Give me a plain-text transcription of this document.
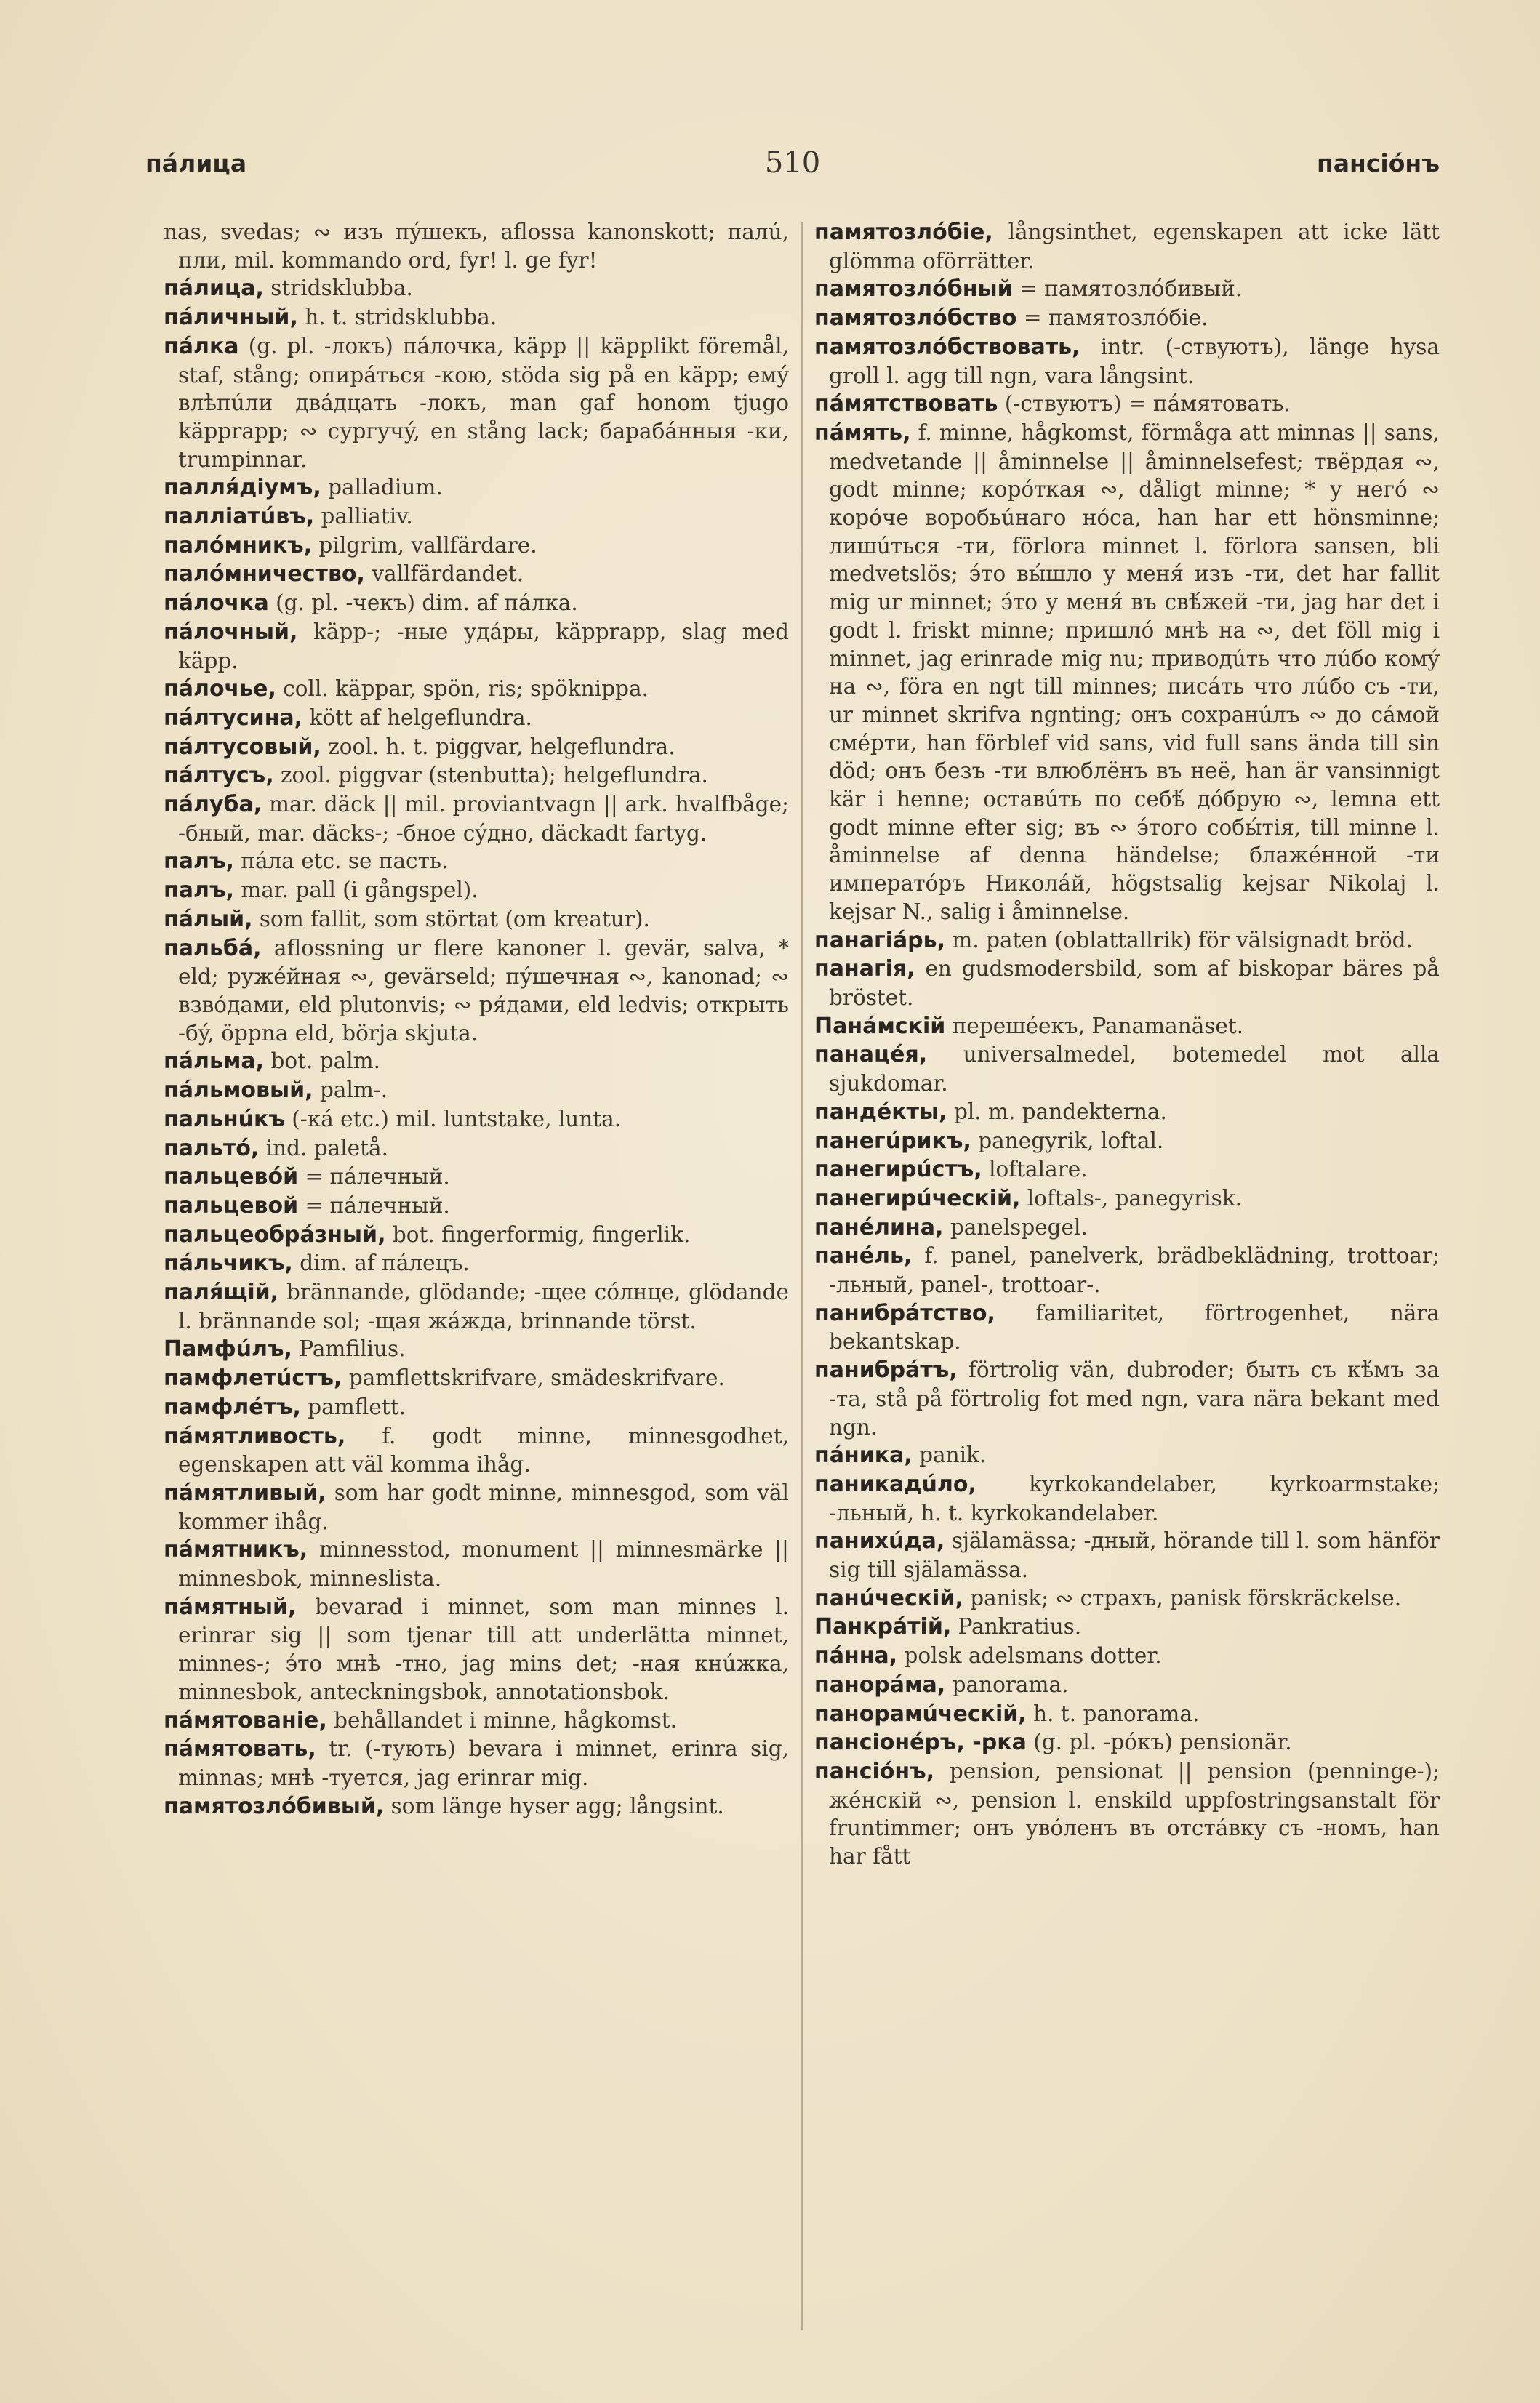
пáлица	510	пансіóнъ

nas, svedas; ∾ изъ пýшекъ, aflossa kanonskott; палú, пли, mil. kommando ord, fyr! l. ge fyr!

пáлица, stridsklubba.

пáличный, h. t. stridsklubba.

пáлка (g. pl. -локъ) пáлочка, käpp || käpplikt föremål, staf, stång; опирáться -кою, stöda sig på en käpp; емý влѣпúли двáдцать -локъ, man gaf honom tjugo käpprapp; ∾ сургучý, en stång lack; барабáнныя -ки, trumpinnar.

палля́діумъ, palladium.

палліатúвъ, palliativ.

палóмникъ, pilgrim, vallfärdare.

палóмничество, vallfärdandet.

пáлочка (g. pl. -чекъ) dim. af пáлка.

пáлочный, käpp-; -ные удáры, käpprapp, slag med käpp.

пáлочье, coll. käppar, spön, ris; spöknippa.

пáлтусина, kött af helgeflundra.

пáлтусовый, zool. h. t. piggvar, helgeflundra.

пáлтусъ, zool. piggvar (stenbutta); helgeflundra.

пáлуба, mar. däck || mil. proviantvagn || ark. hvalfbåge; -бный, mar. däcks-; -бное сýдно, däckadt fartyg.

палъ, пáла etc. se пасть.

палъ, mar. pall (i gångspel).

пáлый, som fallit, som störtat (om kreatur).

пальбá, aflossning ur flere kanoner l. gevär, salva, * eld; ружéйная ∾, gevärseld; пýшечная ∾, kanonad; ∾ взвóдами, eld plutonvis; ∾ ря́дами, eld ledvis; открыть -бý, öppna eld, börja skjuta.

пáльма, bot. palm.

пáльмовый, palm-.

пальнúкъ (-кá etc.) mil. luntstake, lunta.

пальтó, ind. paletå.

пальцевóй = пáлечный.

пальцевой = пáлечный.

пальцеобрáзный, bot. fingerformig, fingerlik.

пáльчикъ, dim. af пáлецъ.

паля́щій, brännande, glödande; -щее сóлнце, glödande l. brännande sol; -щая жáжда, brinnande törst.

Памфúлъ, Pamfilius.

памфлетúстъ, pamflettskrifvare, smädeskrifvare.

памфлéтъ, pamflett.

пáмятливость, f. godt minne, minnesgodhet, egenskapen att väl komma ihåg.

пáмятливый, som har godt minne, minnesgod, som väl kommer ihåg.

пáмятникъ, minnesstod, monument || minnesmärke || minnesbok, minneslista.

пáмятный, bevarad i minnet, som man minnes l. erinrar sig || som tjenar till att underlätta minnet, minnes-; э́то мнѣ -тно, jag mins det; -ная кнúжка, minnesbok, anteckningsbok, annotationsbok.

пáмятованіе, behållandet i minne, hågkomst.

пáмятовать, tr. (-тують) bevara i minnet, erinra sig, minnas; мнѣ -туется, jag erinrar mig.

памятозлóбивый, som länge hyser agg; långsint.

памятозлóбіе, långsinthet, egenskapen att icke lätt glömma oförrätter.

памятозлóбный = памятозлóбивый.

памятозлóбство = памятозлóбіе.

памятозлóбствовать, intr. (-ствуютъ), länge hysa groll l. agg till ngn, vara långsint.

пáмятствовать (-ствуютъ) = пáмятовать.

пáмять, f. minne, hågkomst, förmåga att minnas || sans, medvetande || åminnelse || åminnelsefest; твёрдая ∾, godt minne; корóткая ∾, dåligt minne; * у негó ∾ корóче воробьúнаго нóса, han har ett hönsminne; лишúться -ти, förlora minnet l. förlora sansen, bli medvetslös; э́то вы́шло у меня́ изъ -ти, det har fallit mig ur minnet; э́то у меня́ въ свѣ́жей -ти, jag har det i godt l. friskt minne; пришлó мнѣ на ∾, det föll mig i minnet, jag erinrade mig nu; приводúть что лúбо комý на ∾, föra en ngt till minnes; писáть что лúбо съ -ти, ur minnet skrifva ngnting; онъ сохранúлъ ∾ до сáмой смéрти, han förblef vid sans, vid full sans ända till sin död; онъ безъ -ти влюблёнъ въ неё, han är vansinnigt kär i henne; оставúть по себѣ́ дóбрую ∾, lemna ett godt minne efter sig; въ ∾ э́того собы́тія, till minne l. åminnelse af denna händelse; блажéнной -ти императóръ Николáй, högstsalig kejsar Nikolaj l. kejsar N., salig i åminnelse.

панагіáрь, m. paten (oblattallrik) för välsignadt bröd.

панагія, en gudsmodersbild, som af biskopar bäres på bröstet.

Панáмскій перешéекъ, Panamanäset.

панацéя, universalmedel, botemedel mot alla sjukdomar.

пандéкты, pl. m. pandekterna.

панегúрикъ, panegyrik, loftal.

панегирúстъ, loftalare.

панегирúческій, loftals-, panegyrisk.

панéлина, panelspegel.

панéль, f. panel, panelverk, brädbeklädning, trottoar; -льный, panel-, trottoar-.

панибрáтство, familiaritet, förtrogenhet, nära bekantskap.

панибрáтъ, förtrolig vän, dubroder; быть съ кѣ́мъ за -та, stå på förtrolig fot med ngn, vara nära bekant med ngn.

пáника, panik.

паникадúло, kyrkokandelaber, kyrkoarmstake; -льный, h. t. kyrkokandelaber.

панихúда, själamässa; -дный, hörande till l. som hänför sig till själamässa.

панúческій, panisk; ∾ страхъ, panisk förskräckelse.

Панкрáтій, Pankratius.

пáнна, polsk adelsmans dotter.

панорáма, panorama.

панорамúческій, h. t. panorama.

пансіонéръ, -рка (g. pl. -рóкъ) pensionär.

пансіóнъ, pension, pensionat || pension (penninge-); жéнскій ∾, pension l. enskild uppfostringsanstalt för fruntimmer; онъ увóленъ въ отстáвку съ -номъ, han har fått
